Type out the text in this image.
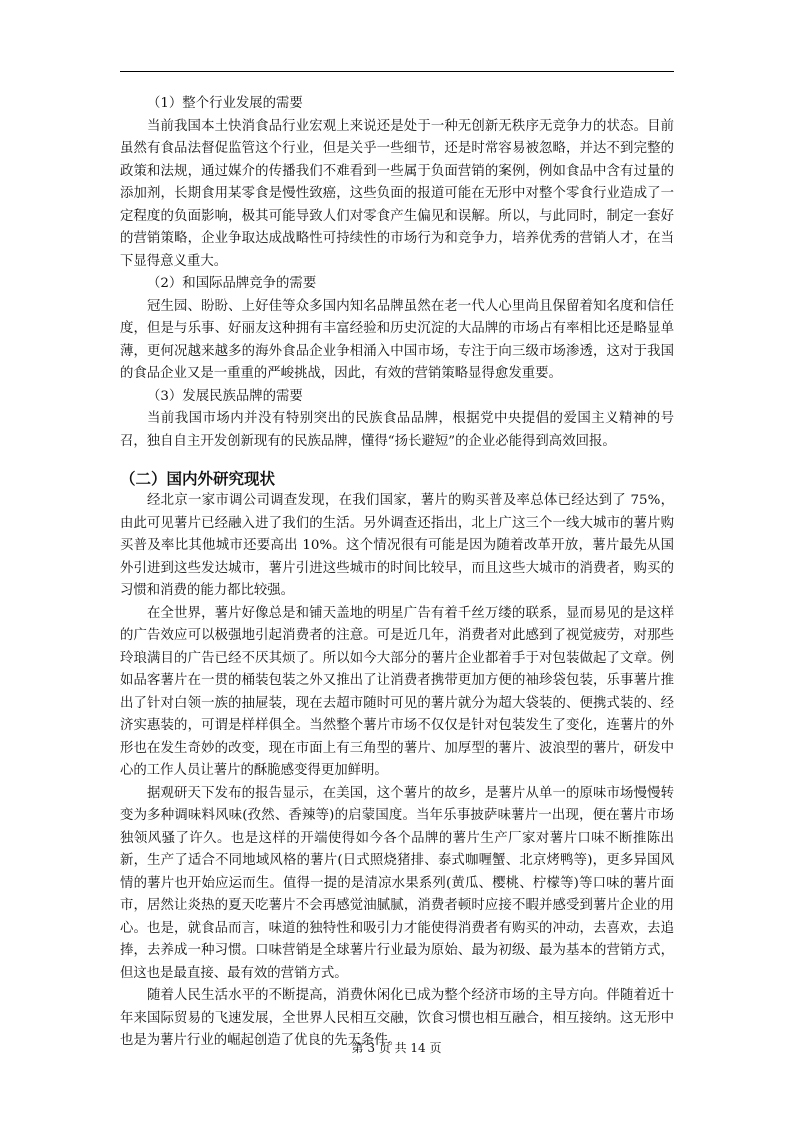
（1）整个行业发展的需要

当前我国本土快消食品行业宏观上来说还是处于一种无创新无秩序无竞争力的状态。目前虽然有食品法督促监管这个行业，但是关乎一些细节，还是时常容易被忽略，并达不到完整的政策和法规，通过媒介的传播我们不难看到一些属于负面营销的案例，例如食品中含有过量的添加剂，长期食用某零食是慢性致癌，这些负面的报道可能在无形中对整个零食行业造成了一定程度的负面影响，极其可能导致人们对零食产生偏见和误解。所以，与此同时，制定一套好的营销策略，企业争取达成战略性可持续性的市场行为和竞争力，培养优秀的营销人才，在当下显得意义重大。

（2）和国际品牌竞争的需要

冠生园、盼盼、上好佳等众多国内知名品牌虽然在老一代人心里尚且保留着知名度和信任度，但是与乐事、好丽友这种拥有丰富经验和历史沉淀的大品牌的市场占有率相比还是略显单薄，更何况越来越多的海外食品企业争相涌入中国市场，专注于向三级市场渗透，这对于我国的食品企业又是一重重的严峻挑战，因此，有效的营销策略显得愈发重要。

（3）发展民族品牌的需要

当前我国市场内并没有特别突出的民族食品品牌，根据党中央提倡的爱国主义精神的号召，独自自主开发创新现有的民族品牌，懂得“扬长避短”的企业必能得到高效回报。

（二）国内外研究现状

经北京一家市调公司调查发现，在我们国家，薯片的购买普及率总体已经达到了 75%，由此可见薯片已经融入进了我们的生活。另外调查还指出，北上广这三个一线大城市的薯片购买普及率比其他城市还要高出 10%。这个情况很有可能是因为随着改革开放，薯片最先从国外引进到这些发达城市，薯片引进这些城市的时间比较早，而且这些大城市的消费者，购买的习惯和消费的能力都比较强。

在全世界，薯片好像总是和铺天盖地的明星广告有着千丝万缕的联系，显而易见的是这样的广告效应可以极强地引起消费者的注意。可是近几年，消费者对此感到了视觉疲劳，对那些玲琅满目的广告已经不厌其烦了。所以如今大部分的薯片企业都着手于对包装做起了文章。例如品客薯片在一贯的桶装包装之外又推出了让消费者携带更加方便的袖珍袋包装，乐事薯片推出了针对白领一族的抽屉装，现在去超市随时可见的薯片就分为超大袋装的、便携式装的、经济实惠装的，可谓是样样俱全。当然整个薯片市场不仅仅是针对包装发生了变化，连薯片的外形也在发生奇妙的改变，现在市面上有三角型的薯片、加厚型的薯片、波浪型的薯片，研发中心的工作人员让薯片的酥脆感变得更加鲜明。

据观研天下发布的报告显示，在美国，这个薯片的故乡，是薯片从单一的原味市场慢慢转变为多种调味料风味(孜然、香辣等)的启蒙国度。当年乐事披萨味薯片一出现，便在薯片市场独领风骚了许久。也是这样的开端使得如今各个品牌的薯片生产厂家对薯片口味不断推陈出新，生产了适合不同地域风格的薯片(日式照烧猪排、泰式咖喱蟹、北京烤鸭等)，更多异国风情的薯片也开始应运而生。值得一提的是清凉水果系列(黄瓜、樱桃、柠檬等)等口味的薯片面市，居然让炎热的夏天吃薯片不会再感觉油腻腻，消费者顿时应接不暇并感受到薯片企业的用心。也是，就食品而言，味道的独特性和吸引力才能使得消费者有购买的冲动，去喜欢，去追捧，去养成一种习惯。口味营销是全球薯片行业最为原始、最为初级、最为基本的营销方式，但这也是最直接、最有效的营销方式。

随着人民生活水平的不断提高，消费休闲化已成为整个经济市场的主导方向。伴随着近十年来国际贸易的飞速发展，全世界人民相互交融，饮食习惯也相互融合，相互接纳。这无形中也是为薯片行业的崛起创造了优良的先天条件。

第 3 页 共 14 页
